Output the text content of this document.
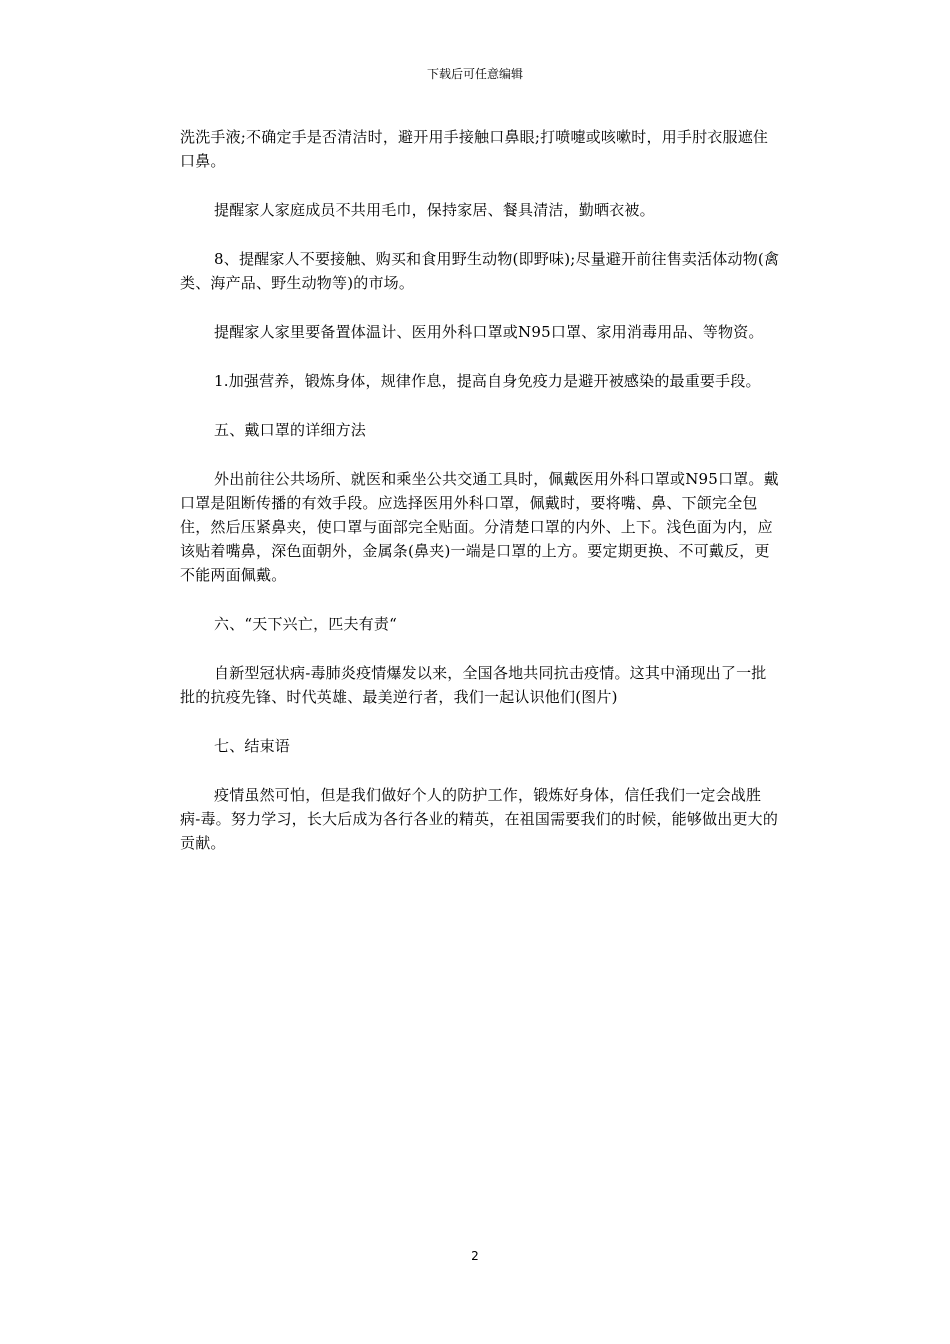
下载后可任意编辑

洗洗手液;不确定手是否清洁时，避开用手接触口鼻眼;打喷嚏或咳嗽时，用手肘衣服遮住口鼻。

提醒家人家庭成员不共用毛巾，保持家居、餐具清洁，勤晒衣被。

8、提醒家人不要接触、购买和食用野生动物(即野味);尽量避开前往售卖活体动物(禽类、海产品、野生动物等)的市场。

提醒家人家里要备置体温计、医用外科口罩或N95口罩、家用消毒用品、等物资。

1.加强营养，锻炼身体，规律作息，提高自身免疫力是避开被感染的最重要手段。

五、戴口罩的详细方法

外出前往公共场所、就医和乘坐公共交通工具时，佩戴医用外科口罩或N95口罩。戴口罩是阻断传播的有效手段。应选择医用外科口罩，佩戴时，要将嘴、鼻、下颌完全包住，然后压紧鼻夹，使口罩与面部完全贴面。分清楚口罩的内外、上下。浅色面为内，应该贴着嘴鼻，深色面朝外，金属条(鼻夹)一端是口罩的上方。要定期更换、不可戴反，更不能两面佩戴。

六、“天下兴亡，匹夫有责“

自新型冠状病-毒肺炎疫情爆发以来，全国各地共同抗击疫情。这其中涌现出了一批批的抗疫先锋、时代英雄、最美逆行者，我们一起认识他们(图片)

七、结束语

疫情虽然可怕，但是我们做好个人的防护工作，锻炼好身体，信任我们一定会战胜病-毒。努力学习，长大后成为各行各业的精英，在祖国需要我们的时候，能够做出更大的贡献。

2
